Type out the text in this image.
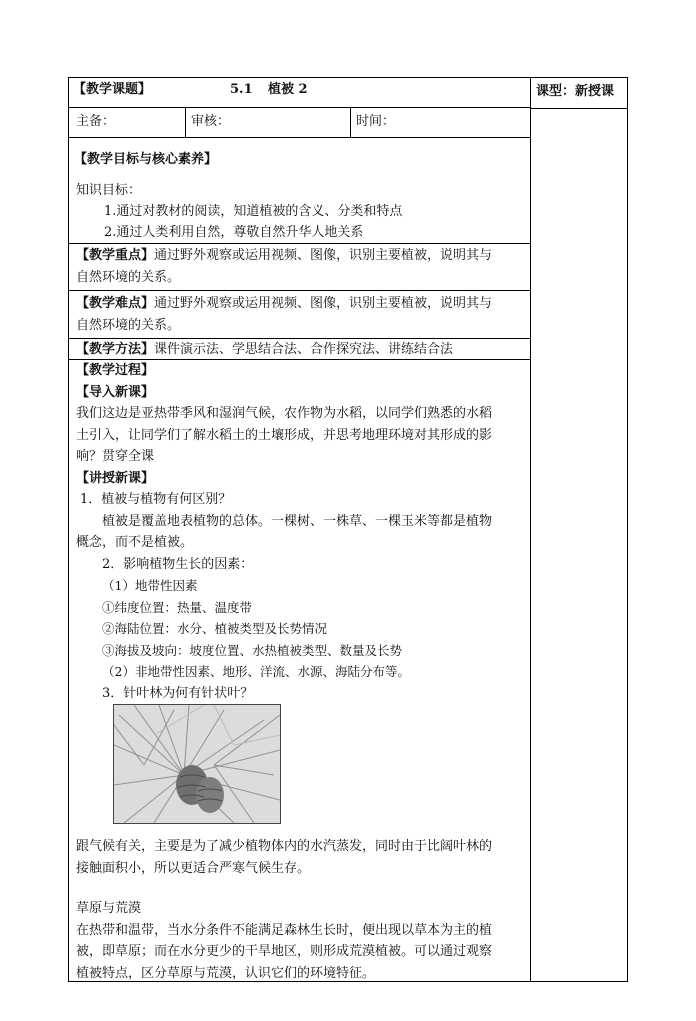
【教学课题】	5.1 植被 2	课型：新授课
主备：	审核：	时间：
【教学目标与核心素养】
知识目标：
1.通过对教材的阅读，知道植被的含义、分类和特点
2.通过人类利用自然，尊敬自然升华人地关系

【教学重点】通过野外观察或运用视频、图像，识别主要植被，说明其与

自然环境的关系。

【教学难点】通过野外观察或运用视频、图像，识别主要植被，说明其与

自然环境的关系。

【教学方法】课件演示法、学思结合法、合作探究法、讲练结合法

【教学过程】

【导入新课】

我们这边是亚热带季风和湿润气候，农作物为水稻，以同学们熟悉的水稻

土引入，让同学们了解水稻土的土壤形成，并思考地理环境对其形成的影

响？贯穿全课

【讲授新课】

1．植被与植物有何区别？

植被是覆盖地表植物的总体。一棵树、一株草、一棵玉米等都是植物

概念，而不是植被。

2．影响植物生长的因素：

（1）地带性因素

①纬度位置：热量、温度带

②海陆位置：水分、植被类型及长势情况

③海拔及坡向：坡度位置、水热植被类型、数量及长势

（2）非地带性因素、地形、洋流、水源、海陆分布等。

3．针叶林为何有针状叶？

跟气候有关，主要是为了减少植物体内的水汽蒸发，同时由于比阔叶林的

接触面积小，所以更适合严寒气候生存。

草原与荒漠

在热带和温带，当水分条件不能满足森林生长时，便出现以草本为主的植

被，即草原；而在水分更少的干旱地区，则形成荒漠植被。可以通过观察

植被特点，区分草原与荒漠，认识它们的环境特征。
